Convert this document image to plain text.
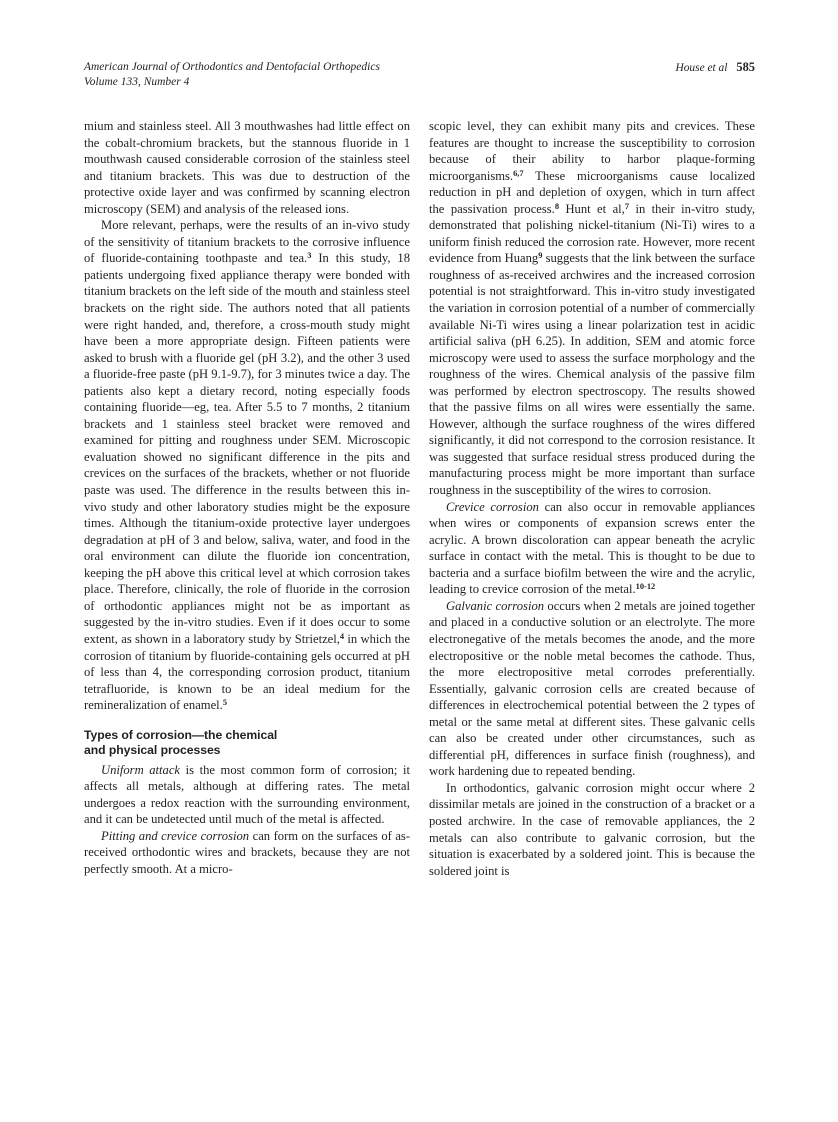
American Journal of Orthodontics and Dentofacial Orthopedics
Volume 133, Number 4
House et al 585

mium and stainless steel. All 3 mouthwashes had little effect on the cobalt-chromium brackets, but the stannous fluoride in 1 mouthwash caused considerable corrosion of the stainless steel and titanium brackets. This was due to destruction of the protective oxide layer and was confirmed by scanning electron microscopy (SEM) and analysis of the released ions.

More relevant, perhaps, were the results of an in-vivo study of the sensitivity of titanium brackets to the corrosive influence of fluoride-containing toothpaste and tea.$^3$ In this study, 18 patients undergoing fixed appliance therapy were bonded with titanium brackets on the left side of the mouth and stainless steel brackets on the right side. The authors noted that all patients were right handed, and, therefore, a cross-mouth study might have been a more appropriate design. Fifteen patients were asked to brush with a fluoride gel (pH 3.2), and the other 3 used a fluoride-free paste (pH 9.1-9.7), for 3 minutes twice a day. The patients also kept a dietary record, noting especially foods containing fluoride—eg, tea. After 5.5 to 7 months, 2 titanium brackets and 1 stainless steel bracket were removed and examined for pitting and roughness under SEM. Microscopic evaluation showed no significant difference in the pits and crevices on the surfaces of the brackets, whether or not fluoride paste was used. The difference in the results between this in-vivo study and other laboratory studies might be the exposure times. Although the titanium-oxide protective layer undergoes degradation at pH of 3 and below, saliva, water, and food in the oral environment can dilute the fluoride ion concentration, keeping the pH above this critical level at which corrosion takes place. Therefore, clinically, the role of fluoride in the corrosion of orthodontic appliances might not be as important as suggested by the in-vitro studies. Even if it does occur to some extent, as shown in a laboratory study by Strietzel,$^4$ in which the corrosion of titanium by fluoride-containing gels occurred at pH of less than 4, the corresponding corrosion product, titanium tetrafluoride, is known to be an ideal medium for the remineralization of enamel.$^5$

Types of corrosion—the chemical
and physical processes

Uniform attack is the most common form of corrosion; it affects all metals, although at differing rates. The metal undergoes a redox reaction with the surrounding environment, and it can be undetected until much of the metal is affected.

Pitting and crevice corrosion can form on the surfaces of as-received orthodontic wires and brackets, because they are not perfectly smooth. At a micro-

scopic level, they can exhibit many pits and crevices. These features are thought to increase the susceptibility to corrosion because of their ability to harbor plaque-forming microorganisms.$^{6,7}$ These microorganisms cause localized reduction in pH and depletion of oxygen, which in turn affect the passivation process.$^8$ Hunt et al,$^7$ in their in-vitro study, demonstrated that polishing nickel-titanium (Ni-Ti) wires to a uniform finish reduced the corrosion rate. However, more recent evidence from Huang$^9$ suggests that the link between the surface roughness of as-received archwires and the increased corrosion potential is not straightforward. This in-vitro study investigated the variation in corrosion potential of a number of commercially available Ni-Ti wires using a linear polarization test in acidic artificial saliva (pH 6.25). In addition, SEM and atomic force microscopy were used to assess the surface morphology and the roughness of the wires. Chemical analysis of the passive film was performed by electron spectroscopy. The results showed that the passive films on all wires were essentially the same. However, although the surface roughness of the wires differed significantly, it did not correspond to the corrosion resistance. It was suggested that surface residual stress produced during the manufacturing process might be more important than surface roughness in the susceptibility of the wires to corrosion.

Crevice corrosion can also occur in removable appliances when wires or components of expansion screws enter the acrylic. A brown discoloration can appear beneath the acrylic surface in contact with the metal. This is thought to be due to bacteria and a surface biofilm between the wire and the acrylic, leading to crevice corrosion of the metal.$^{10-12}$

Galvanic corrosion occurs when 2 metals are joined together and placed in a conductive solution or an electrolyte. The more electronegative of the metals becomes the anode, and the more electropositive or the noble metal becomes the cathode. Thus, the more electropositive metal corrodes preferentially. Essentially, galvanic corrosion cells are created because of differences in electrochemical potential between the 2 types of metal or the same metal at different sites. These galvanic cells can also be created under other circumstances, such as differential pH, differences in surface finish (roughness), and work hardening due to repeated bending.

In orthodontics, galvanic corrosion might occur where 2 dissimilar metals are joined in the construction of a bracket or a posted archwire. In the case of removable appliances, the 2 metals can also contribute to galvanic corrosion, but the situation is exacerbated by a soldered joint. This is because the soldered joint is
